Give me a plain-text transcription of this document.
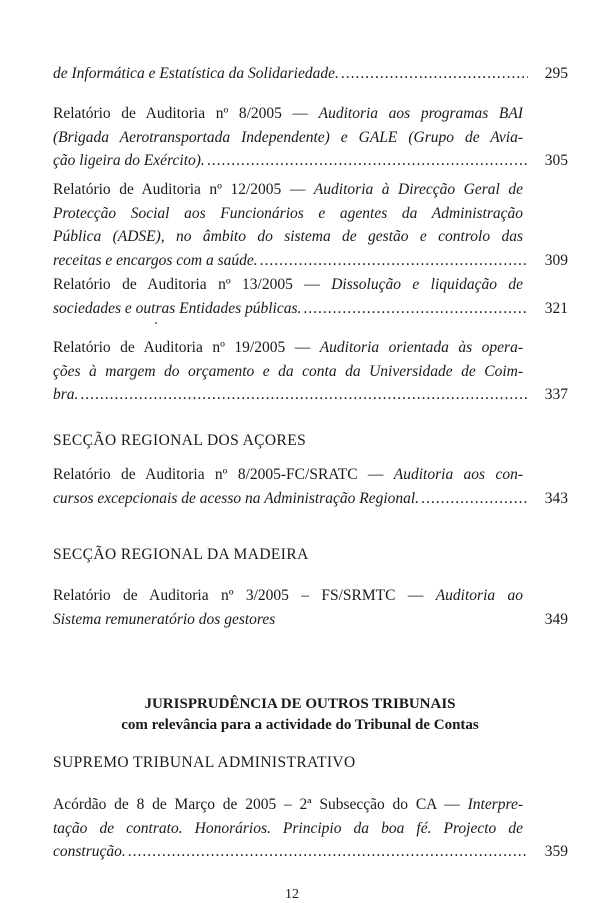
de Informática e Estatística da Solidariedade. .....	295
Relatório de Auditoria nº 8/2005 — Auditoria aos programas BAI
(Brigada Aerotransportada Independente) e GALE (Grupo de Avia-
ção ligeira do Exército). .....	305
Relatório de Auditoria nº 12/2005 — Auditoria à Direcção Geral de
Protecção Social aos Funcionários e agentes da Administração
Pública (ADSE), no âmbito do sistema de gestão e controlo das
receitas e encargos com a saúde. .....	309
Relatório de Auditoria nº 13/2005 — Dissolução e liquidação de
sociedades e outras Entidades públicas. .....	321
Relatório de Auditoria nº 19/2005 — Auditoria orientada às opera-
ções à margem do orçamento e da conta da Universidade de Coim-
bra. .....	337
SECÇÃO REGIONAL DOS AÇORES
Relatório de Auditoria nº 8/2005-FC/SRATC — Auditoria aos con-
cursos excepcionais de acesso na Administração Regional. .....	343
SECÇÃO REGIONAL DA MADEIRA
Relatório de Auditoria nº 3/2005 – FS/SRMTC — Auditoria ao
Sistema remuneratório dos gestores	349
JURISPRUDÊNCIA DE OUTROS TRIBUNAIS
com relevância para a actividade do Tribunal de Contas
SUPREMO TRIBUNAL ADMINISTRATIVO
Acórdão de 8 de Março de 2005 – 2ª Subsecção do CA — Interpre-
tação de contrato. Honorários. Principio da boa fé. Projecto de
construção. .....	359
12
